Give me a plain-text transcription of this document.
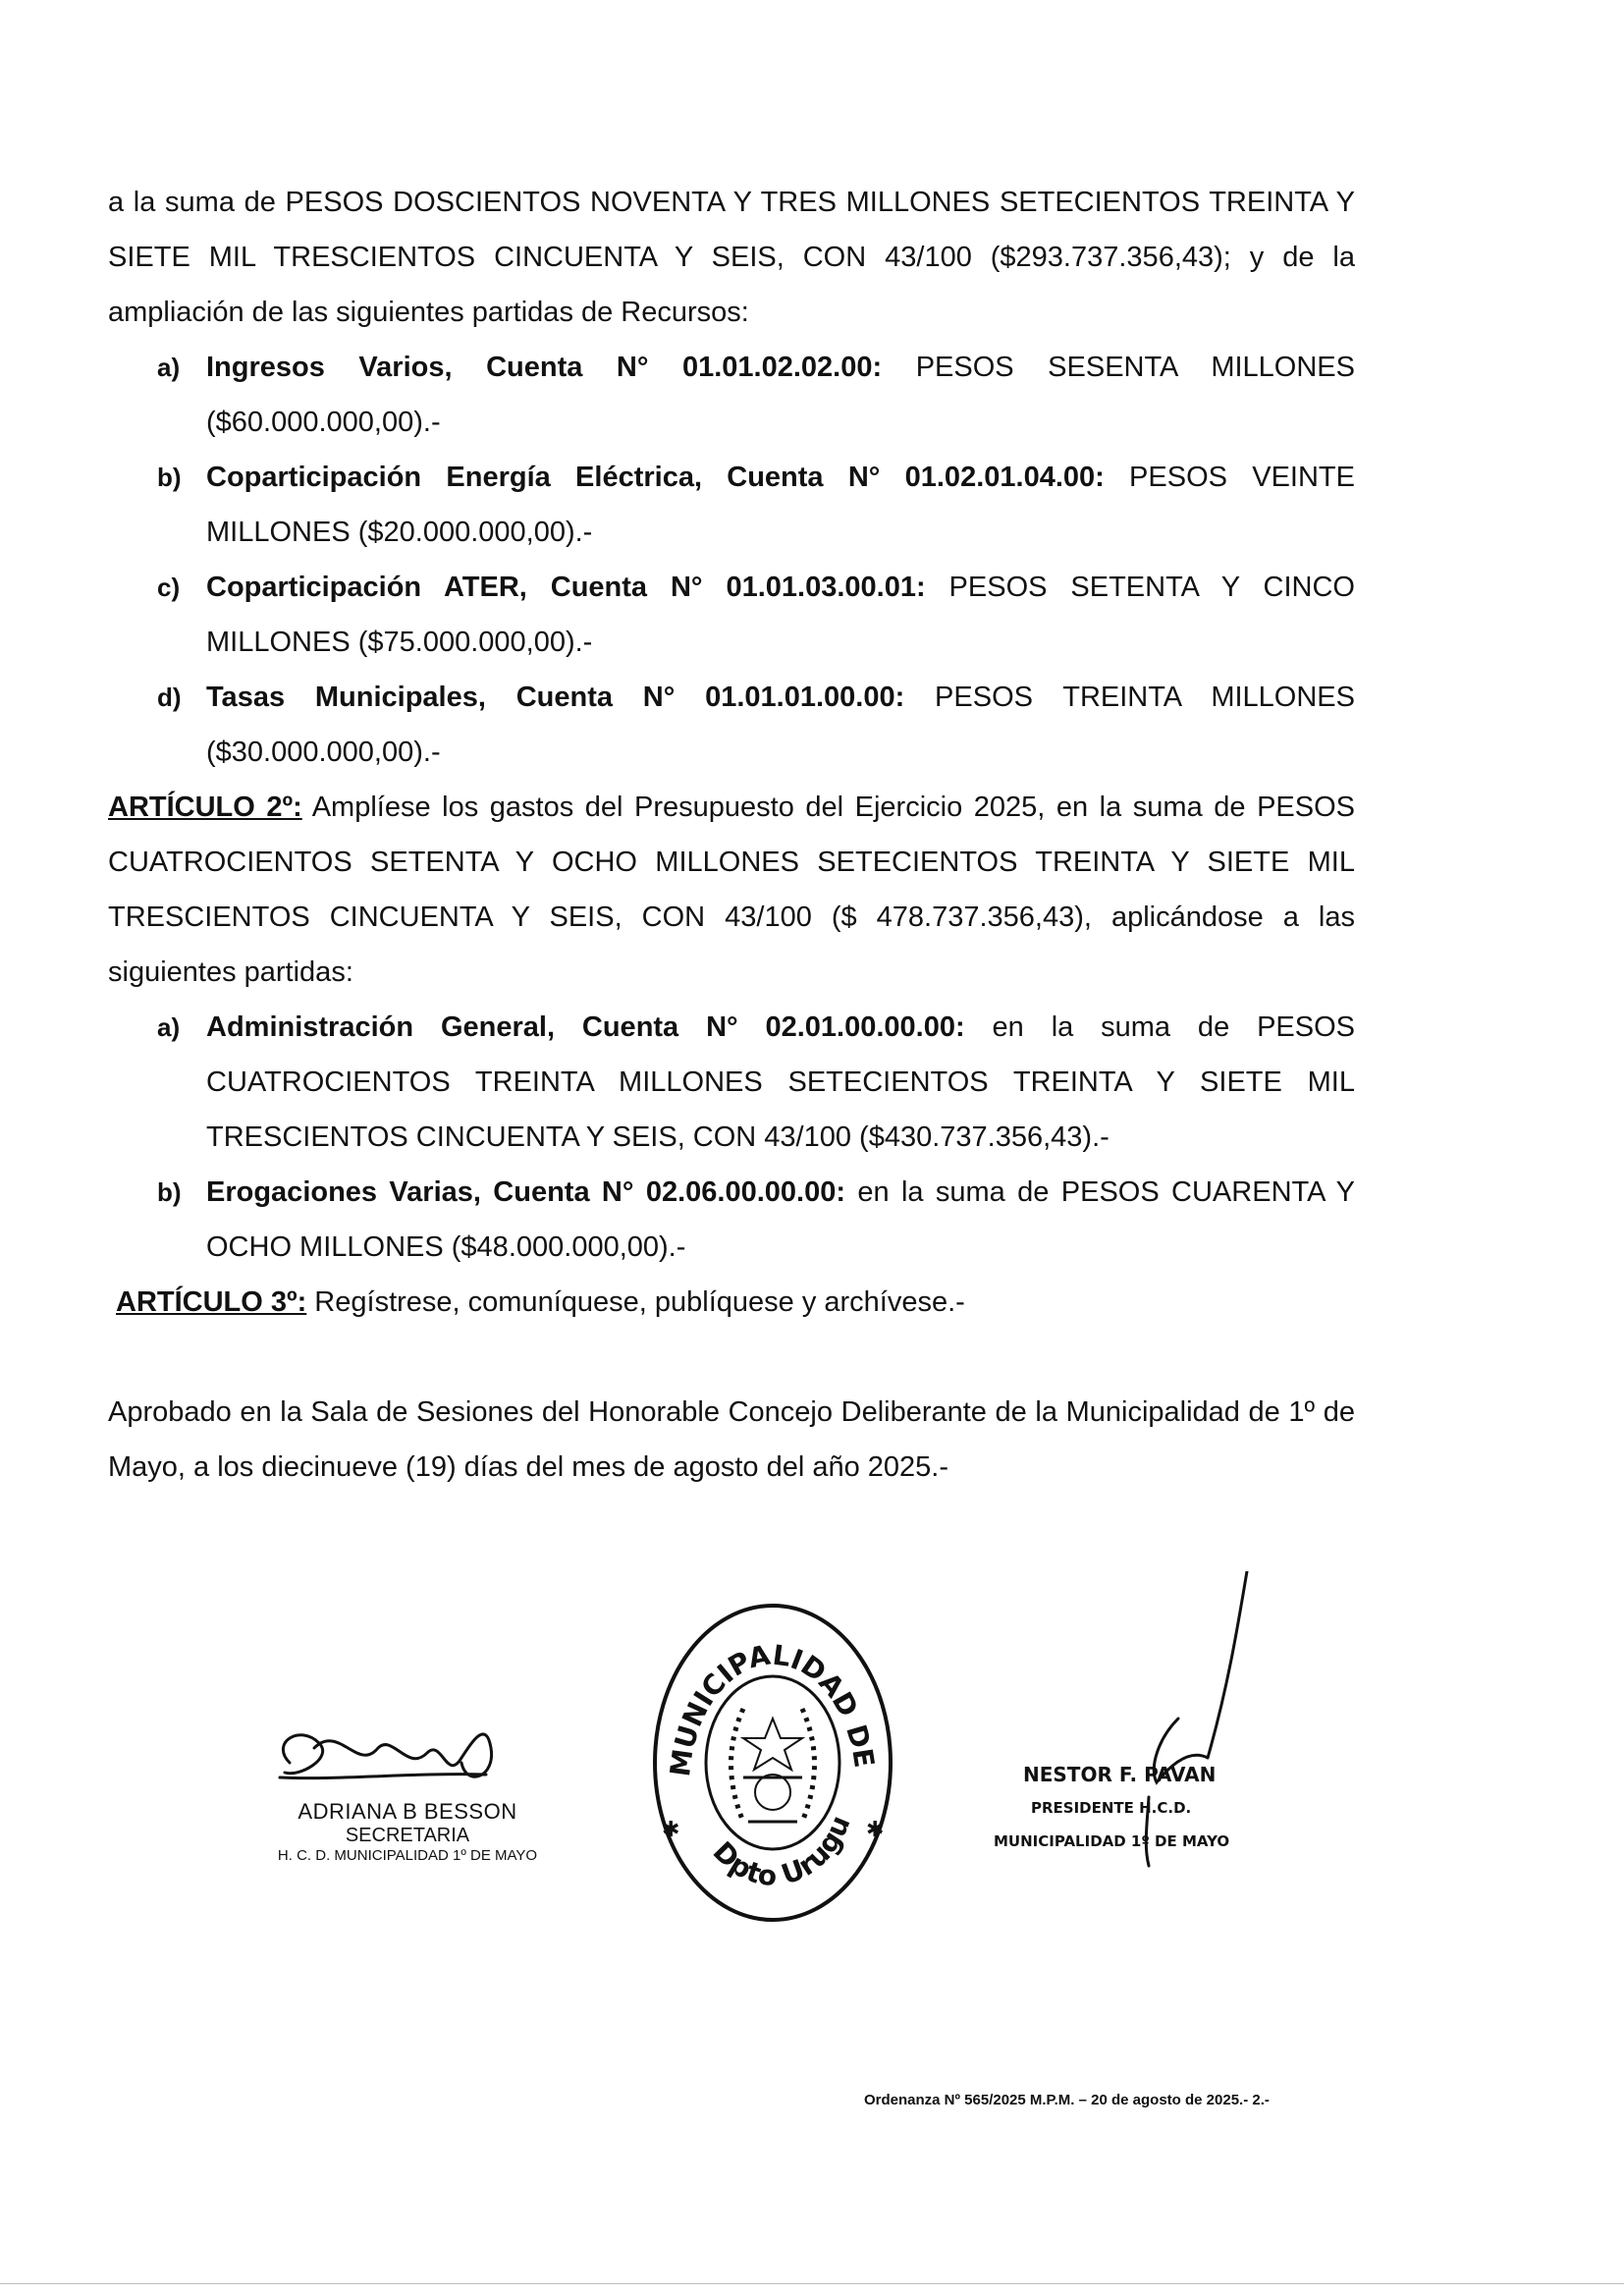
a la suma de PESOS DOSCIENTOS NOVENTA Y TRES MILLONES SETECIENTOS TREINTA Y SIETE MIL TRESCIENTOS CINCUENTA Y SEIS, CON 43/100 ($293.737.356,43); y de la ampliación de las siguientes partidas de Recursos:
a) Ingresos Varios, Cuenta N° 01.01.02.02.00: PESOS SESENTA MILLONES ($60.000.000,00).-
b) Coparticipación Energía Eléctrica, Cuenta N° 01.02.01.04.00: PESOS VEINTE MILLONES ($20.000.000,00).-
c) Coparticipación ATER, Cuenta N° 01.01.03.00.01: PESOS SETENTA Y CINCO MILLONES ($75.000.000,00).-
d) Tasas Municipales, Cuenta N° 01.01.01.00.00: PESOS TREINTA MILLONES ($30.000.000,00).-
ARTÍCULO 2º: Amplíese los gastos del Presupuesto del Ejercicio 2025, en la suma de PESOS CUATROCIENTOS SETENTA Y OCHO MILLONES SETECIENTOS TREINTA Y SIETE MIL TRESCIENTOS CINCUENTA Y SEIS, CON 43/100 ($ 478.737.356,43), aplicándose a las siguientes partidas:
a) Administración General, Cuenta N° 02.01.00.00.00: en la suma de PESOS CUATROCIENTOS TREINTA MILLONES SETECIENTOS TREINTA Y SIETE MIL TRESCIENTOS CINCUENTA Y SEIS, CON 43/100 ($430.737.356,43).-
b) Erogaciones Varias, Cuenta N° 02.06.00.00.00: en la suma de PESOS CUARENTA Y OCHO MILLONES ($48.000.000,00).-
ARTÍCULO 3º: Regístrese, comuníquese, publíquese y archívese.-
Aprobado en la Sala de Sesiones del Honorable Concejo Deliberante de la Municipalidad de 1º de Mayo, a los diecinueve (19) días del mes de agosto del año 2025.-
ADRIANA B BESSON
SECRETARIA
H. C. D. MUNICIPALIDAD 1º DE MAYO
MUNICIPALIDAD DE
Dpto Urugu
✱	✱
NESTOR F. PAVAN
PRESIDENTE H.C.D.
MUNICIPALIDAD 1º DE MAYO
Ordenanza Nº 565/2025 M.P.M. – 20 de agosto de 2025.- 2.-
